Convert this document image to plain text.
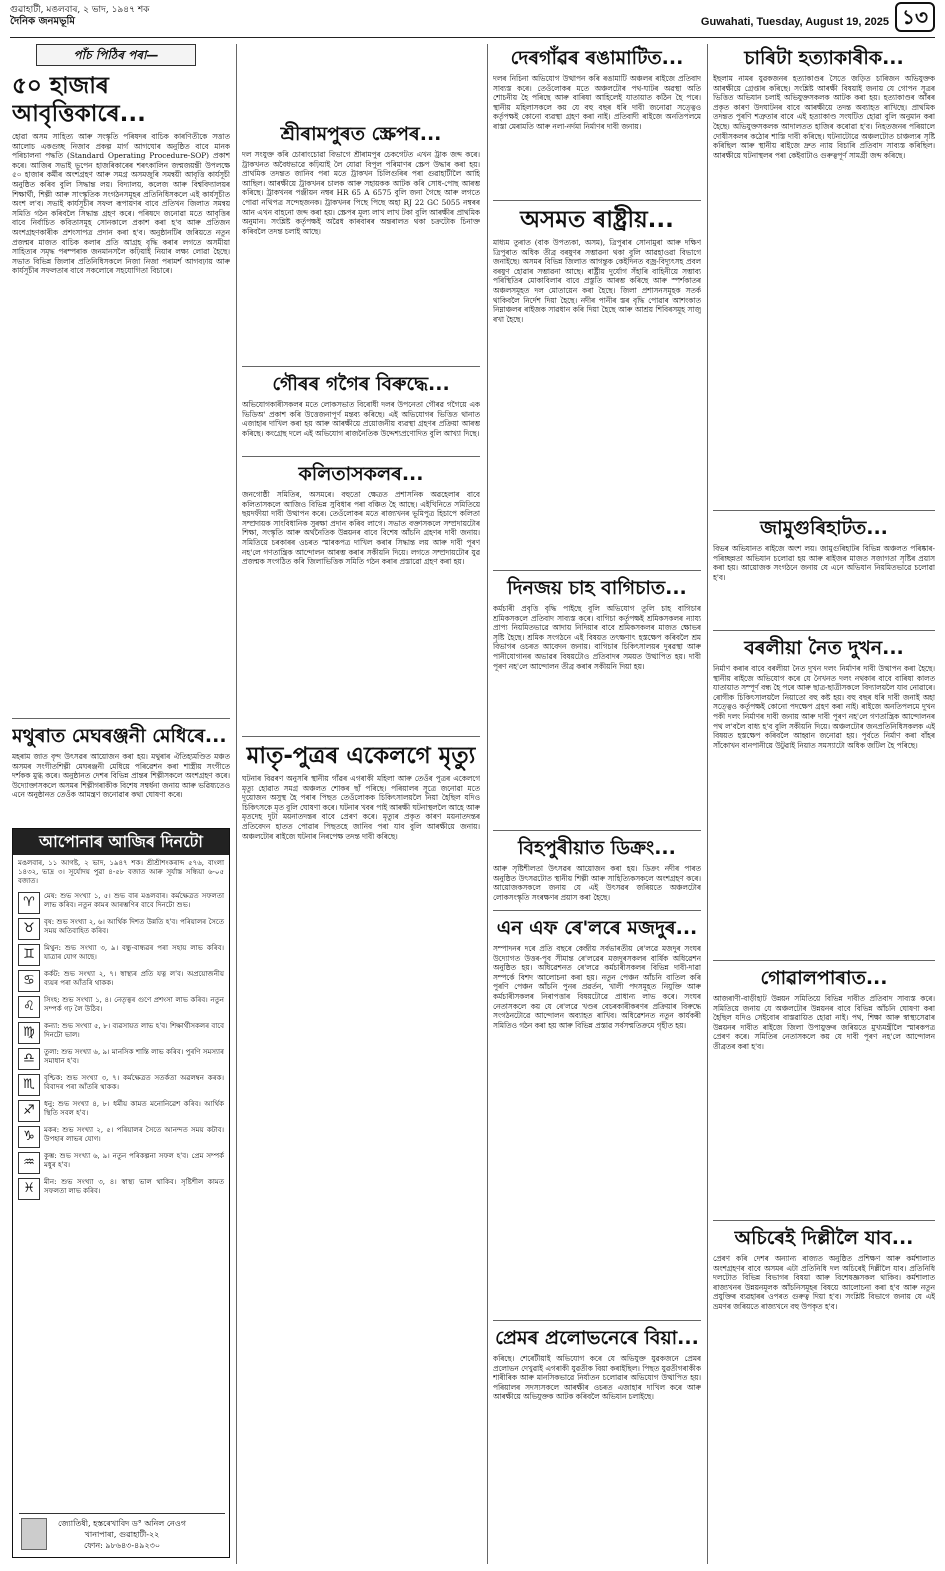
গুৱাহাটী, মঙলবাৰ, ২ ভাদ, ১৯৪৭ শক
দৈনিক জনমভূমি	Guwahati, Tuesday, August 19, 2025 ১৩
পাঁচ পিঠিৰ পৰা—
৫০ হাজাৰ আবৃত্তিকাৰে...
হোৱা অসম সাহিত্য আৰু সংস্কৃতি পৰিষদৰ বাচিক কাৰণিতীকে সত্তাত আলোচ একগুচ্ছ নিজাব প্ৰকল্প মাৰ্গ আগঘোৰ অনুষ্ঠিত বাবে মানক পৰিচালনা পদ্ধতি (Standard Operating Procedure-SOP) প্ৰকাশ কৰে। আজিৰ সভাই ভূপেন হাজৰিকাৰেৰ শৰৎকালিন জন্মজয়ন্তী উপলক্ষে ৫০ হাজাৰ কৰ্মীৰ অংশগ্ৰহণ আৰু সমগ্ৰ অসমজুৰি সমন্বয়ী আবৃত্তি কাৰ্যসূচী অনুষ্ঠিত কৰিব বুলি সিদ্ধান্ত লয়। বিদ্যালয়, কলেজ আৰু বিশ্ববিদ্যালয়ৰ শিক্ষাৰ্থী, শিল্পী আৰু সাংস্কৃতিক সংগঠনসমূহৰ প্ৰতিনিধিসকলে এই কাৰ্যসূচীত অংশ ল'ব। সভাই কাৰ্যসূচীৰ সফল ৰূপায়ণৰ বাবে প্ৰতিখন জিলাত সমন্বয় সমিতি গঠন কৰিবলৈ সিদ্ধান্ত গ্ৰহণ কৰে। পৰিষদে জনোৱা মতে আবৃত্তিৰ বাবে নিৰ্বাচিত কবিতাসমূহ সোনকালে প্ৰকাশ কৰা হ'ব আৰু প্ৰতিজন অংশগ্ৰহণকাৰীক প্ৰশংসাপত্ৰ প্ৰদান কৰা হ'ব। অনুষ্ঠানটিৰ জৰিয়তে নতুন প্ৰজন্মৰ মাজত বাচিক কলাৰ প্ৰতি আগ্ৰহ বৃদ্ধি কৰাৰ লগতে অসমীয়া সাহিত্যৰ সমৃদ্ধ পৰম্পৰাক জনমানসলৈ কঢ়িয়াই নিয়াৰ লক্ষ্য লোৱা হৈছে। সভাত বিভিন্ন জিলাৰ প্ৰতিনিধিসকলে নিজা নিজা পৰামৰ্শ আগবঢ়ায় আৰু কাৰ্যসূচীৰ সফলতাৰ বাবে সকলোৰে সহযোগিতা বিচাৰে।
মথুৰাত মেঘৰঞ্জনী মেধিৰে...
মহৰাম জাত বৃন্দ উৎসৱৰ আয়োজন কৰা হয়। মথুৰাৰ ঐতিহ্যমণ্ডিত মঞ্চত অসমৰ সংগীতশিল্পী মেঘৰঞ্জনী মেধিয়ে পৰিৱেশন কৰা শাস্ত্ৰীয় সংগীতে দৰ্শকক মুগ্ধ কৰে। অনুষ্ঠানত দেশৰ বিভিন্ন প্ৰান্তৰ শিল্পীসকলে অংশগ্ৰহণ কৰে। উদ্যোক্তাসকলে অসমৰ শিল্পীগৰাকীক বিশেষ সম্বৰ্ধনা জনায় আৰু ভৱিষ্যতেও এনে অনুষ্ঠানত তেওঁক আমন্ত্ৰণ জনোৱাৰ কথা ঘোষণা কৰে।
আপোনাৰ আজিৰ দিনটো
মঙলবাৰ, ১১ আগষ্ট, ২ ভাদ, ১৯৪৭ শক। শ্ৰীশ্ৰীশংকৰাব্দ ৫৭৬, বাংলা ১৪৩২, ভাদ্ৰ ৩। সূৰ্যোদয় পুৱা ৪-৫৮ বজাত আৰু সূৰ্যাস্ত সন্ধিয়া ৬-০৫ বজাত।
♈	মেষ: শুভ সংখ্যা ১, ৫। শুভ বাৰ মঙলবাৰ। কৰ্মক্ষেত্ৰত সফলতা লাভ কৰিব। নতুন কামৰ আৰম্ভণিৰ বাবে দিনটো শুভ।
♉	বৃষ: শুভ সংখ্যা ২, ৬। আৰ্থিক দিশত উন্নতি হ'ব। পৰিয়ালৰ সৈতে সময় অতিবাহিত কৰিব।
♊	মিথুন: শুভ সংখ্যা ৩, ৯। বন্ধু-বান্ধৱৰ পৰা সহায় লাভ কৰিব। যাত্ৰাৰ যোগ আছে।
♋	কৰ্কট: শুভ সংখ্যা ২, ৭। স্বাস্থ্যৰ প্ৰতি যত্ন ল'ব। অপ্ৰয়োজনীয় ব্যয়ৰ পৰা আঁতৰি থাকক।
♌	সিংহ: শুভ সংখ্যা ১, ৪। নেতৃত্বৰ গুণে প্ৰশংসা লাভ কৰিব। নতুন সম্পৰ্ক গঢ় লৈ উঠিব।
♍	কন্যা: শুভ সংখ্যা ৫, ৮। ব্যৱসায়ত লাভ হ'ব। শিক্ষাৰ্থীসকলৰ বাবে দিনটো ভাল।
♎	তুলা: শুভ সংখ্যা ৬, ৯। মানসিক শান্তি লাভ কৰিব। পুৰণি সমস্যাৰ সমাধান হ'ব।
♏	বৃশ্চিক: শুভ সংখ্যা ৩, ৭। কৰ্মক্ষেত্ৰত সতৰ্কতা অৱলম্বন কৰক। বিবাদৰ পৰা আঁতৰি থাকক।
♐	ধনু: শুভ সংখ্যা ৪, ৮। ধৰ্মীয় কামত মনোনিৱেশ কৰিব। আৰ্থিক স্থিতি সবল হ'ব।
♑	মকৰ: শুভ সংখ্যা ২, ৫। পৰিয়ালৰ সৈতে আনন্দত সময় কটাব। উপহাৰ লাভৰ যোগ।
♒	কুম্ভ: শুভ সংখ্যা ৬, ৯। নতুন পৰিকল্পনা সফল হ'ব। প্ৰেম সম্পৰ্ক মধুৰ হ'ব।
♓	মীন: শুভ সংখ্যা ৩, ৪। স্বাস্থ্য ভাল থাকিব। সৃষ্টিশীল কামত সফলতা লাভ কৰিব।
জ্যোতিষী, হস্তৰেখাবিদ ড° অনিল নেওগ
খানাপাৰা, গুৱাহাটী-২২
ফোন: ৯৮৬৪৩-৪৯২৩০
শ্ৰীৰামপুৰত স্ক্ৰেপৰ...
দল সংযুক্ত কৰি চোৰাংচোৱা বিভাগে শ্ৰীৰামপুৰ চেকগেটত এখন ট্ৰাক জব্দ কৰে। ট্ৰাকখনত অবৈধভাৱে কঢ়িয়াই লৈ যোৱা বিপুল পৰিমাণৰ স্ক্ৰেপ উদ্ধাৰ কৰা হয়। প্ৰাথমিক তদন্তত জানিব পৰা মতে ট্ৰাকখন চিলিগুৰিৰ পৰা গুৱাহাটীলৈ আহি আছিল। আৰক্ষীয়ে ট্ৰাকখনৰ চালক আৰু সহায়কক আটক কৰি সোধ-পোছ আৰম্ভ কৰিছে। ট্ৰাকখনৰ পঞ্জীয়ন নম্বৰ HR 65 A 6575 বুলি জনা গৈছে আৰু লগতে পোৱা নথিপত্ৰ সন্দেহজনক। ট্ৰাকখনৰ পিছে পিছে অহা RJ 22 GC 5055 নম্বৰৰ আন এখন বাহনো জব্দ কৰা হয়। স্ক্ৰেপৰ মূল্য লাখ লাখ টকা বুলি আৰক্ষীৰ প্ৰাথমিক অনুমান। সংশ্লিষ্ট কৰ্তৃপক্ষই অৱৈধ কাৰবাৰৰ অন্তৰালত থকা চক্ৰটোক চিনাক্ত কৰিবলৈ তদন্ত চলাই আছে।
গৌৰৰ গগৈৰ বিৰুদ্ধে...
অভিযোগকাৰীসকলৰ মতে লোকসভাত বিৰোধী দলৰ উপনেতা গৌৰৱ গগৈয়ে এক ভিডিঅ' প্ৰকাশ কৰি উত্তেজনাপূৰ্ণ মন্তব্য কৰিছে। এই অভিযোগৰ ভিত্তিত থানাত এজাহাৰ দাখিল কৰা হয় আৰু আৰক্ষীয়ে প্ৰয়োজনীয় ব্যৱস্থা গ্ৰহণৰ প্ৰক্ৰিয়া আৰম্ভ কৰিছে। কংগ্ৰেছ দলে এই অভিযোগ ৰাজনৈতিক উদ্দেশ্যপ্ৰণোদিত বুলি আখ্যা দিছে।
কলিতাসকলৰ...
জনগোষ্ঠী সমিতিৰ, অসমৰে। বহুতো ক্ষেত্ৰত প্ৰশাসনিক অৱহেলাৰ বাবে কলিতাসকলে আজিও বিভিন্ন সুবিধাৰ পৰা বঞ্চিত হৈ আছে। এইখিনিতে সমিতিয়ে ছয়দফীয়া দাবী উত্থাপন কৰে। তেওঁলোকৰ মতে ৰাজ্যখনৰ ভূমিপুত্ৰ হিচাপে কলিতা সম্প্ৰদায়ক সাংবিধানিক সুৰক্ষা প্ৰদান কৰিব লাগে। সভাত বক্তাসকলে সম্প্ৰদায়টোৰ শিক্ষা, সংস্কৃতি আৰু অৰ্থনৈতিক উন্নয়নৰ বাবে বিশেষ আঁচনি গ্ৰহণৰ দাবী জনায়। সমিতিয়ে চৰকাৰৰ ওচৰত স্মাৰকপত্ৰ দাখিল কৰাৰ সিদ্ধান্ত লয় আৰু দাবী পূৰণ নহ'লে গণতান্ত্ৰিক আন্দোলন আৰম্ভ কৰাৰ সকীয়নি দিয়ে। লগতে সম্প্ৰদায়টোৰ যুৱ প্ৰজন্মক সংগঠিত কৰি জিলাভিত্তিক সমিতি গঠন কৰাৰ প্ৰস্তাৱো গ্ৰহণ কৰা হয়।
মাতৃ-পুত্ৰৰ একেলগে মৃত্যু
ঘটনাৰ বিৱৰণ অনুসৰি স্থানীয় গাঁৱৰ এগৰাকী মহিলা আৰু তেওঁৰ পুত্ৰৰ একেলগে মৃত্যু হোৱাত সমগ্ৰ অঞ্চলত শোকৰ ছাঁ পৰিছে। পৰিয়ালৰ সূত্ৰে জনোৱা মতে দুয়োজন অসুস্থ হৈ পৰাৰ পিছত তেওঁলোকক চিকিৎসালয়লৈ নিয়া হৈছিল যদিও চিকিৎসকে মৃত বুলি ঘোষণা কৰে। ঘটনাৰ খবৰ পাই আৰক্ষী ঘটনাস্থললৈ আহে আৰু মৃতদেহ দুটা ময়নাতদন্তৰ বাবে প্ৰেৰণ কৰে। মৃত্যুৰ প্ৰকৃত কাৰণ ময়নাতদন্তৰ প্ৰতিবেদন হাতত পোৱাৰ পিছতহে জানিব পৰা যাব বুলি আৰক্ষীয়ে জনায়। অঞ্চলটোৰ ৰাইজে ঘটনাৰ নিৰপেক্ষ তদন্ত দাবী কৰিছে।
দেৰগাঁৱৰ ৰঙামাটিত...
দলৰ নিচিনা অভিযোগ উত্থাপন কৰি ৰঙামাটি অঞ্চলৰ ৰাইজে প্ৰতিবাদ সাব্যস্ত কৰে। তেওঁলোকৰ মতে অঞ্চলটোৰ পথ-ঘাটৰ অৱস্থা অতি শোচনীয় হৈ পৰিছে আৰু বাৰিষা আহিলেই যাতায়াত কঠিন হৈ পৰে। স্থানীয় মহিলাসকলে কয় যে বহু বছৰ ধৰি দাবী জনোৱা সত্ত্বেও কৰ্তৃপক্ষই কোনো ব্যৱস্থা গ্ৰহণ কৰা নাই। প্ৰতিবাদী ৰাইজে অনতিপলমে ৰাস্তা মেৰামতি আৰু নলা-নৰ্দমা নিৰ্মাণৰ দাবী জনায়।
অসমত ৰাষ্ট্ৰীয়...
মাধ্যম তুৰাত (বাক উপত্যকা, অসম), ত্ৰিপুৰাৰ সোনামুৰা আৰু দক্ষিণ ত্ৰিপুৰাত অধিক তীব্ৰ বৰষুণৰ সম্ভাৱনা থকা বুলি আৱহাওৱা বিভাগে জনাইছে। অসমৰ বিভিন্ন জিলাত আগন্তুক কেইদিনত বজ্ৰ-বিদ্যুৎসহ প্ৰবল বৰষুণ হোৱাৰ সম্ভাৱনা আছে। ৰাষ্ট্ৰীয় দুৰ্যোগ সঁহাৰি বাহিনীয়ে সম্ভাব্য পৰিস্থিতিৰ মোকাবিলাৰ বাবে প্ৰস্তুতি আৰম্ভ কৰিছে আৰু স্পৰ্শকাতৰ অঞ্চলসমূহত দল মোতায়েন কৰা হৈছে। জিলা প্ৰশাসনসমূহক সতৰ্ক থাকিবলৈ নিৰ্দেশ দিয়া হৈছে। নদীৰ পানীৰ স্তৰ বৃদ্ধি পোৱাৰ আশংকাত নিম্নাঞ্চলৰ ৰাইজক সাৱধান কৰি দিয়া হৈছে আৰু আশ্ৰয় শিবিৰসমূহ সাজু ৰখা হৈছে।
দিনজয় চাহ বাগিচাত...
কৰ্মচাৰী প্ৰবৃত্তি বৃদ্ধি পাইছে বুলি অভিযোগ তুলি চাহ বাগিচাৰ শ্ৰমিকসকলে প্ৰতিবাদ সাব্যস্ত কৰে। বাগিচা কৰ্তৃপক্ষই শ্ৰমিকসকলৰ ন্যায্য প্ৰাপ্য নিয়মিতভাৱে আদায় নিদিয়াৰ বাবে শ্ৰমিকসকলৰ মাজত ক্ষোভৰ সৃষ্টি হৈছে। শ্ৰমিক সংগঠনে এই বিষয়ত তৎক্ষণাৎ হস্তক্ষেপ কৰিবলৈ শ্ৰম বিভাগৰ ওচৰত আবেদন জনায়। বাগিচাৰ চিকিৎসালয়ৰ দুৰৱস্থা আৰু পানীযোগানৰ অভাৱৰ বিষয়টোও প্ৰতিবাদৰ সময়ত উত্থাপিত হয়। দাবী পূৰণ নহ'লে আন্দোলন তীব্ৰ কৰাৰ সকীয়নি দিয়া হয়।
বিহপুৰীয়াত ডিক্ৰং...
আৰু সৃষ্টিশীলতা উৎসৱৰ আয়োজন কৰা হয়। ডিক্ৰং নদীৰ পাৰত অনুষ্ঠিত উৎসৱটোত স্থানীয় শিল্পী আৰু সাহিত্যিকসকলে অংশগ্ৰহণ কৰে। আয়োজকসকলে জনায় যে এই উৎসৱৰ জৰিয়তে অঞ্চলটোৰ লোকসংস্কৃতি সংৰক্ষণৰ প্ৰয়াস কৰা হৈছে।
এন এফ ৰে'লৰে মজদুৰ...
সম্পাদনৰ দৰে প্ৰতি বছৰে কেন্দ্ৰীয় সৰ্বভাৰতীয় ৰে'লৱে মজদুৰ সংঘৰ উদ্যোগত উত্তৰ-পূব সীমান্ত ৰে'লৱেৰ মজদুৰসকলৰ বাৰ্ষিক অধিৱেশন অনুষ্ঠিত হয়। অধিৱেশনত ৰে'লৱে কৰ্মচাৰীসকলৰ বিভিন্ন দাবী-দাৱা সম্পৰ্কে বিশদ আলোচনা কৰা হয়। নতুন পেঞ্চন আঁচনি বাতিল কৰি পুৰণি পেঞ্চন আঁচনি পুনৰ প্ৰৱৰ্তন, খালী পদসমূহত নিযুক্তি আৰু কৰ্মচাৰীসকলৰ নিৰাপত্তাৰ বিষয়টোৱে প্ৰাধান্য লাভ কৰে। সংঘৰ নেতাসকলে কয় যে ৰে'লৱে খণ্ডৰ বেচৰকাৰীকৰণৰ প্ৰক্ৰিয়াৰ বিৰুদ্ধে সংগঠনটোৱে আন্দোলন অব্যাহত ৰাখিব। অধিৱেশনত নতুন কাৰ্যকৰী সমিতিও গঠন কৰা হয় আৰু বিভিন্ন প্ৰস্তাৱ সৰ্বসন্মতিক্ৰমে গৃহীত হয়।
প্ৰেমৰ প্ৰলোভনেৰে বিয়া...
কৰিছে। শেৰেটীয়াই অভিযোগ কৰে যে অভিযুক্ত যুৱকজনে প্ৰেমৰ প্ৰলোভন দেখুৱাই এগৰাকী যুৱতীক বিয়া কৰাইছিল। পিছত যুৱতীগৰাকীক শাৰীৰিক আৰু মানসিকভাৱে নিৰ্যাতন চলোৱাৰ অভিযোগ উত্থাপিত হয়। পৰিয়ালৰ সদস্যসকলে আৰক্ষীৰ ওচৰত এজাহাৰ দাখিল কৰে আৰু আৰক্ষীয়ে অভিযুক্তক আটক কৰিবলৈ অভিযান চলাইছে।
চাৰিটা হত্যাকাৰীক...
ইছলাম নামৰ যুৱকজনৰ হত্যাকাণ্ডৰ সৈতে জড়িত চাৰিজন অভিযুক্তক আৰক্ষীয়ে গ্ৰেপ্তাৰ কৰিছে। সংশ্লিষ্ট আৰক্ষী বিষয়াই জনায় যে গোপন সূত্ৰৰ ভিত্তিত অভিযান চলাই অভিযুক্তসকলক আটক কৰা হয়। হত্যাকাণ্ডৰ আঁৰৰ প্ৰকৃত কাৰণ উদঘাটনৰ বাবে আৰক্ষীয়ে তদন্ত অব্যাহত ৰাখিছে। প্ৰাথমিক তদন্তত পুৰণি শত্ৰুতাৰ বাবে এই হত্যাকাণ্ড সংঘটিত হোৱা বুলি অনুমান কৰা হৈছে। অভিযুক্তসকলক আদালতত হাজিৰ কৰোৱা হ'ব। নিহতজনৰ পৰিয়ালে দোষীসকলৰ কঠোৰ শাস্তি দাবী কৰিছে। ঘটনাটোৱে অঞ্চলটোত চাঞ্চল্যৰ সৃষ্টি কৰিছিল আৰু স্থানীয় ৰাইজে দ্ৰুত ন্যায় বিচাৰি প্ৰতিবাদ সাব্যস্ত কৰিছিল। আৰক্ষীয়ে ঘটনাস্থলৰ পৰা কেইবাটাও গুৰুত্বপূৰ্ণ সামগ্ৰী জব্দ কৰিছে।
জামুগুৰিহাটত...
বিভৰ অভিযানত ৰাইজে অংশ লয়। জামুগুৰিহাটৰ বিভিন্ন অঞ্চলত পৰিষ্কাৰ-পৰিচ্ছন্নতা অভিযান চলোৱা হয় আৰু ৰাইজৰ মাজত সজাগতা সৃষ্টিৰ প্ৰয়াস কৰা হয়। আয়োজক সংগঠনে জনায় যে এনে অভিযান নিয়মিতভাৱে চলোৱা হ'ব।
বৰলীয়া নৈত দুখন...
নিৰ্মাণ কৰাৰ বাবে বৰলীয়া নৈত দুখন দলং নিৰ্মাণৰ দাবী উত্থাপন কৰা হৈছে। স্থানীয় ৰাইজে অভিযোগ কৰে যে নৈখনত দলং নথকাৰ বাবে বাৰিষা কালত যাতায়াত সম্পূৰ্ণ বন্ধ হৈ পৰে আৰু ছাত্ৰ-ছাত্ৰীসকলে বিদ্যালয়লৈ যাব নোৱাৰে। ৰোগীক চিকিৎসালয়লৈ নিয়াতো বহু কষ্ট হয়। বহু বছৰ ধৰি দাবী জনাই অহা সত্ত্বেও কৰ্তৃপক্ষই কোনো পদক্ষেপ গ্ৰহণ কৰা নাই। ৰাইজে অনতিপলমে দুখন পকী দলং নিৰ্মাণৰ দাবী জনায় আৰু দাবী পূৰণ নহ'লে গণতান্ত্ৰিক আন্দোলনৰ পথ ল'বলৈ বাধ্য হ'ব বুলি সকীয়নি দিয়ে। অঞ্চলটোৰ জনপ্ৰতিনিধিসকলক এই বিষয়ত হস্তক্ষেপ কৰিবলৈ আহ্বান জনোৱা হয়। পূৰ্বতে নিৰ্মাণ কৰা বাঁহৰ সাঁকোখন বানপানীয়ে উটুৱাই নিয়াত সমস্যাটো অধিক জটিল হৈ পৰিছে।
গোৱালপাৰাত...
আজৰাণী-বাড়ীহাট উন্নয়ন সমিতিয়ে বিভিন্ন দাবীত প্ৰতিবাদ সাব্যস্ত কৰে। সমিতিয়ে জনায় যে অঞ্চলটোৰ উন্নয়নৰ বাবে বিভিন্ন আঁচনি ঘোষণা কৰা হৈছিল যদিও সেইবোৰ বাস্তৱায়িত হোৱা নাই। পথ, শিক্ষা আৰু স্বাস্থ্যসেৱাৰ উন্নয়নৰ দাবীত ৰাইজে জিলা উপায়ুক্তৰ জৰিয়তে মুখ্যমন্ত্ৰীলৈ স্মাৰকপত্ৰ প্ৰেৰণ কৰে। সমিতিৰ নেতাসকলে কয় যে দাবী পূৰণ নহ'লে আন্দোলন তীব্ৰতৰ কৰা হ'ব।
অচিৰেই দিল্লীলৈ যাব...
প্ৰেৰণ কৰি দেশৰ অন্যান্য ৰাজ্যত অনুষ্ঠিত প্ৰশিক্ষণ আৰু কৰ্মশালাত অংশগ্ৰহণৰ বাবে অসমৰ এটা প্ৰতিনিধি দল অচিৰেই দিল্লীলৈ যাব। প্ৰতিনিধি দলটোত বিভিন্ন বিভাগৰ বিষয়া আৰু বিশেষজ্ঞসকল থাকিব। কৰ্মশালাত ৰাজ্যখনৰ উন্নয়নমূলক আঁচনিসমূহৰ বিষয়ে আলোচনা কৰা হ'ব আৰু নতুন প্ৰযুক্তিৰ ব্যৱহাৰৰ ওপৰত গুৰুত্ব দিয়া হ'ব। সংশ্লিষ্ট বিভাগে জনায় যে এই ভ্ৰমণৰ জৰিয়তে ৰাজ্যখনে বহু উপকৃত হ'ব।
